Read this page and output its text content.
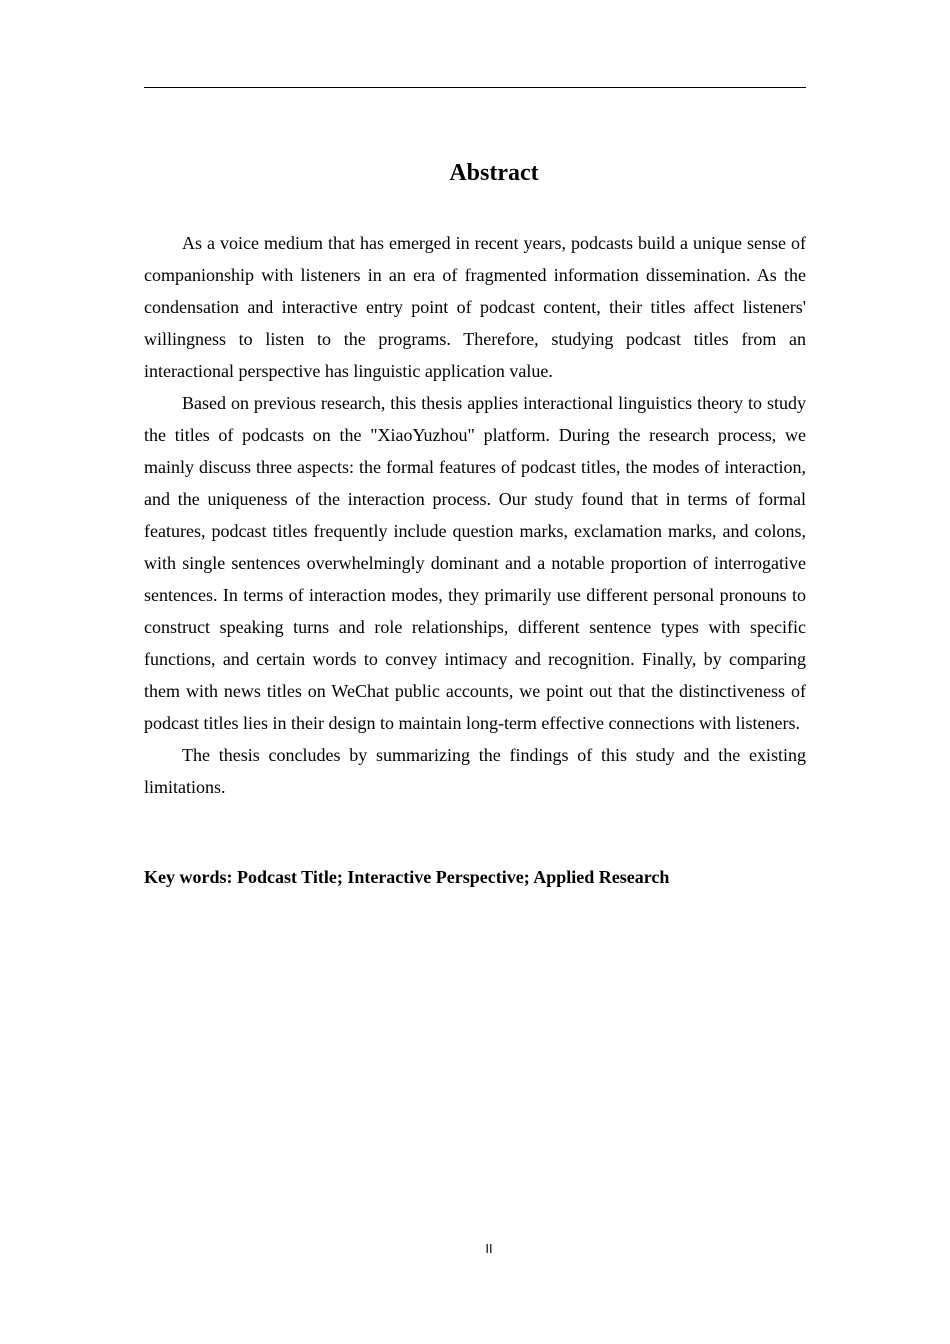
Abstract

As a voice medium that has emerged in recent years, podcasts build a unique sense of companionship with listeners in an era of fragmented information dissemination. As the condensation and interactive entry point of podcast content, their titles affect listeners' willingness to listen to the programs. Therefore, studying podcast titles from an interactional perspective has linguistic application value.

Based on previous research, this thesis applies interactional linguistics theory to study the titles of podcasts on the "XiaoYuzhou" platform. During the research process, we mainly discuss three aspects: the formal features of podcast titles, the modes of interaction, and the uniqueness of the interaction process. Our study found that in terms of formal features, podcast titles frequently include question marks, exclamation marks, and colons, with single sentences overwhelmingly dominant and a notable proportion of interrogative sentences. In terms of interaction modes, they primarily use different personal pronouns to construct speaking turns and role relationships, different sentence types with specific functions, and certain words to convey intimacy and recognition. Finally, by comparing them with news titles on WeChat public accounts, we point out that the distinctiveness of podcast titles lies in their design to maintain long-term effective connections with listeners.

The thesis concludes by summarizing the findings of this study and the existing limitations.

Key words: Podcast Title; Interactive Perspective; Applied Research

II
